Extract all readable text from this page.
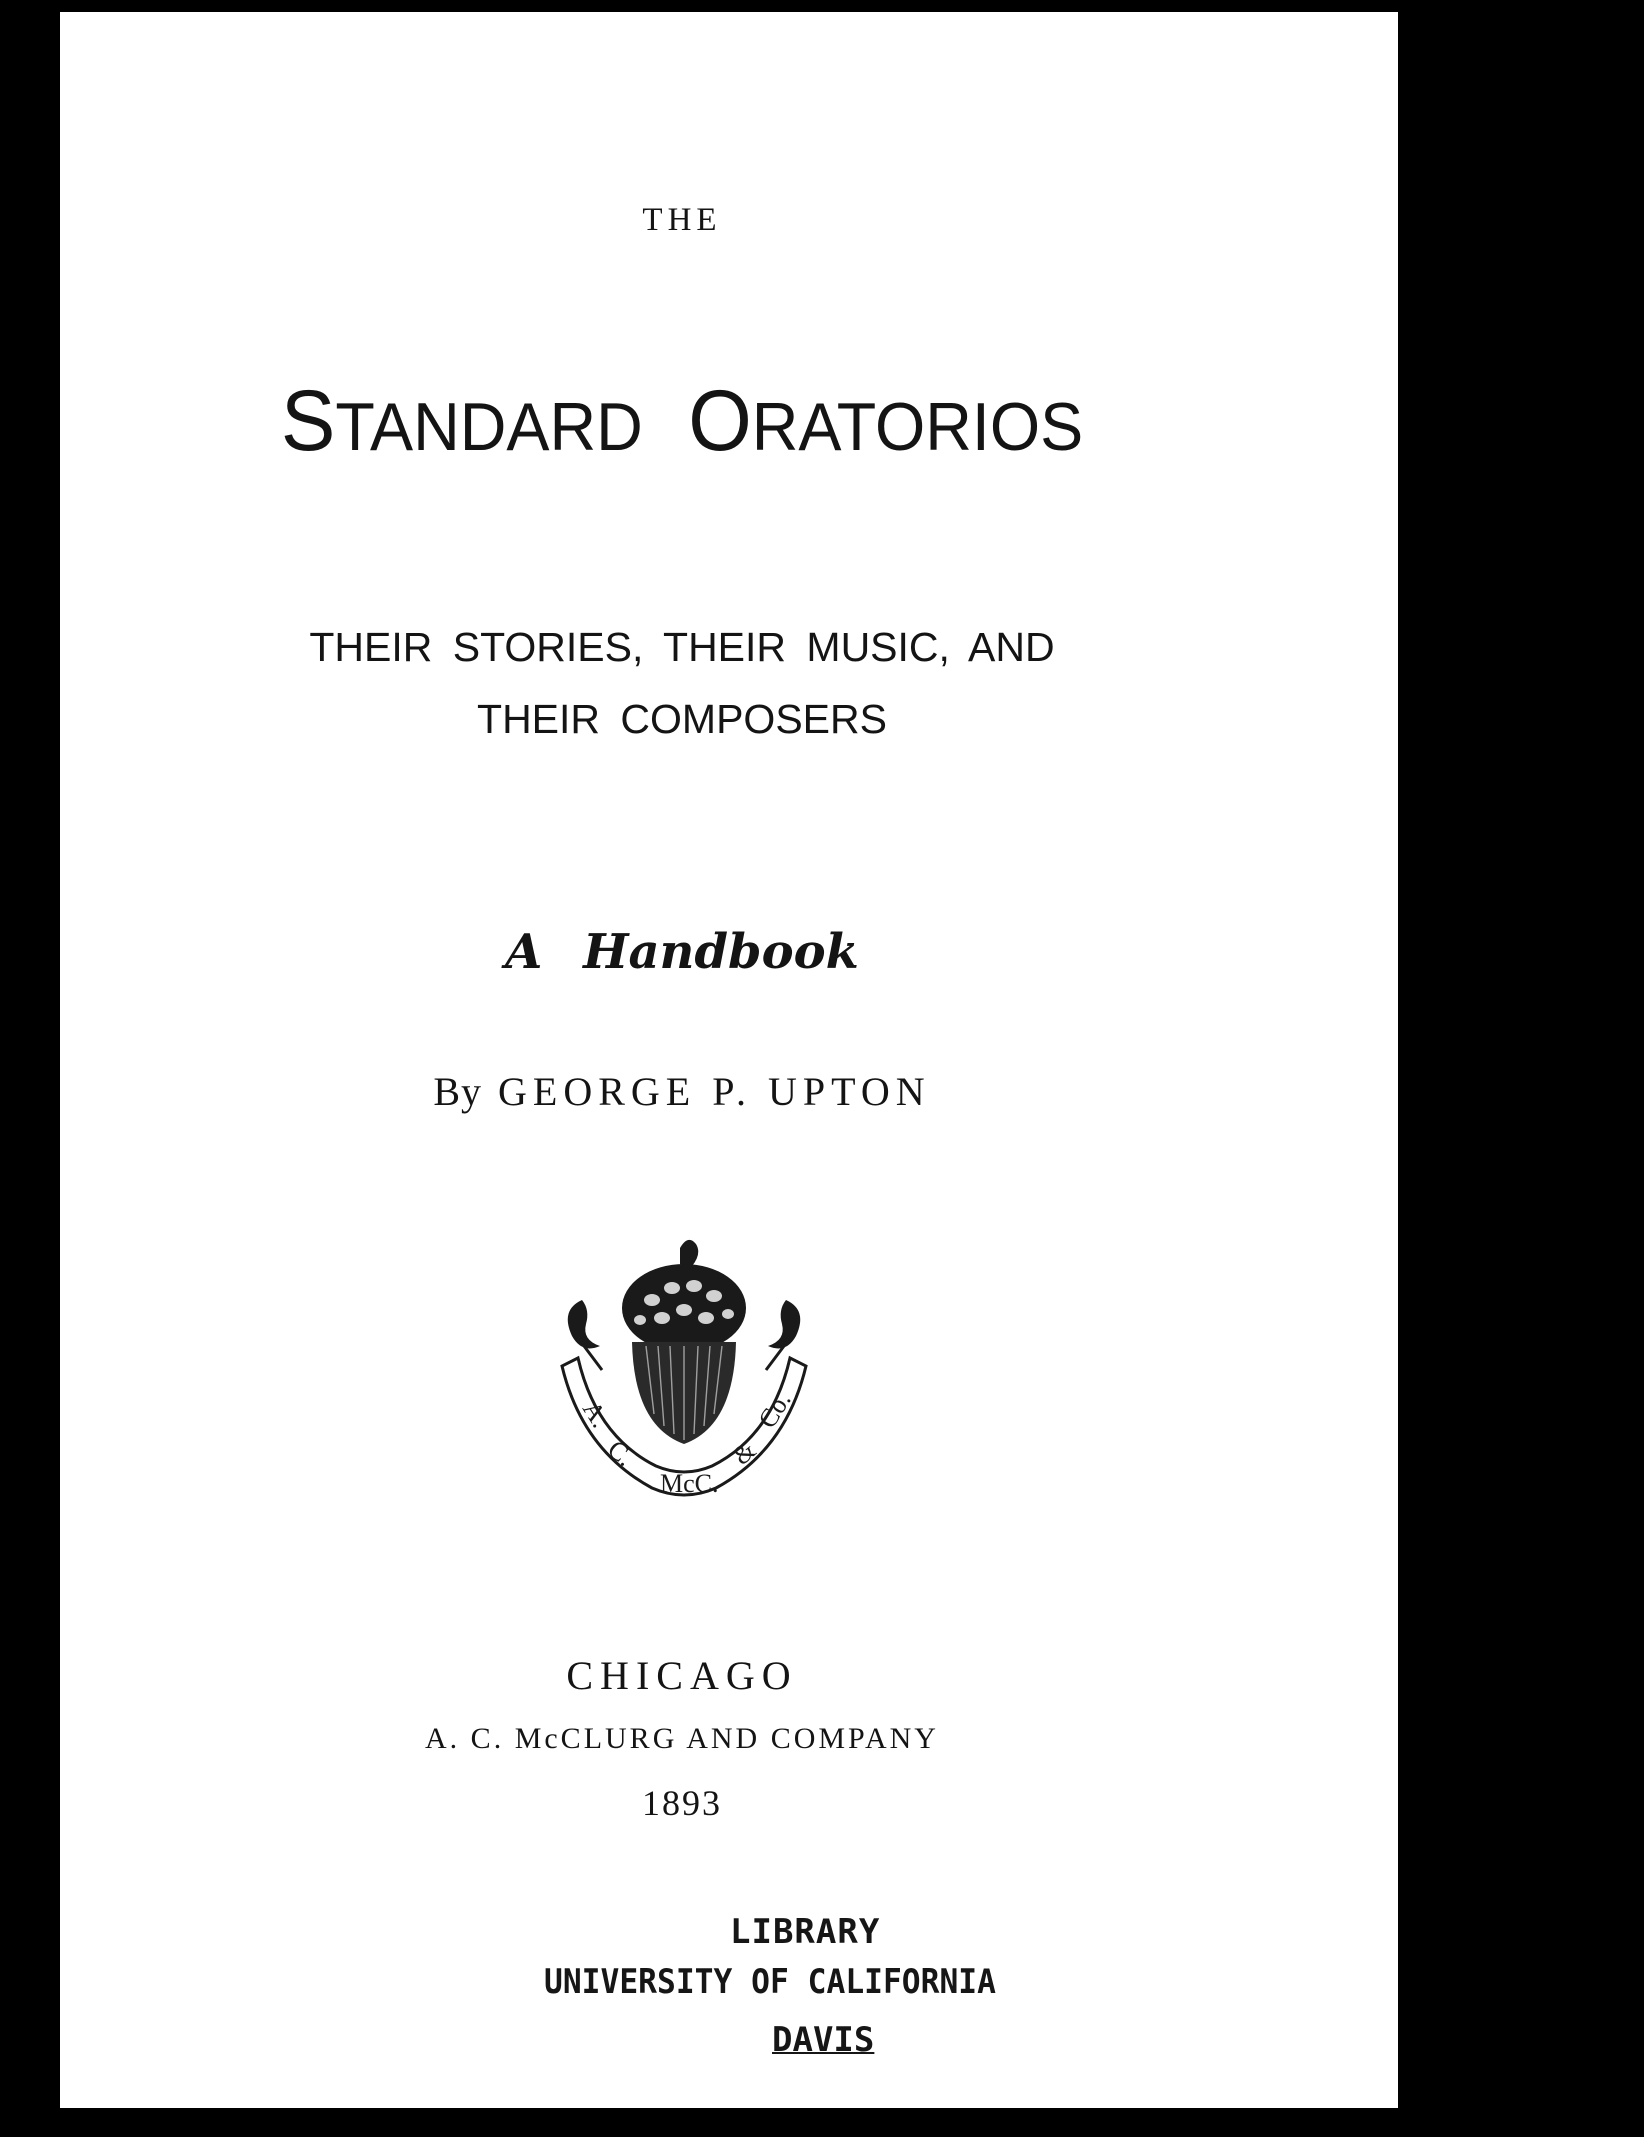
THE
STANDARD ORATORIOS
THEIR STORIES, THEIR MUSIC, AND
THEIR COMPOSERS
A Handbook
By GEORGE P. UPTON
A.
C.
McC.
&
Co.
CHICAGO
A. C. McCLURG AND COMPANY
1893
LIBRARY
UNIVERSITY OF CALIFORNIA
DAVIS
